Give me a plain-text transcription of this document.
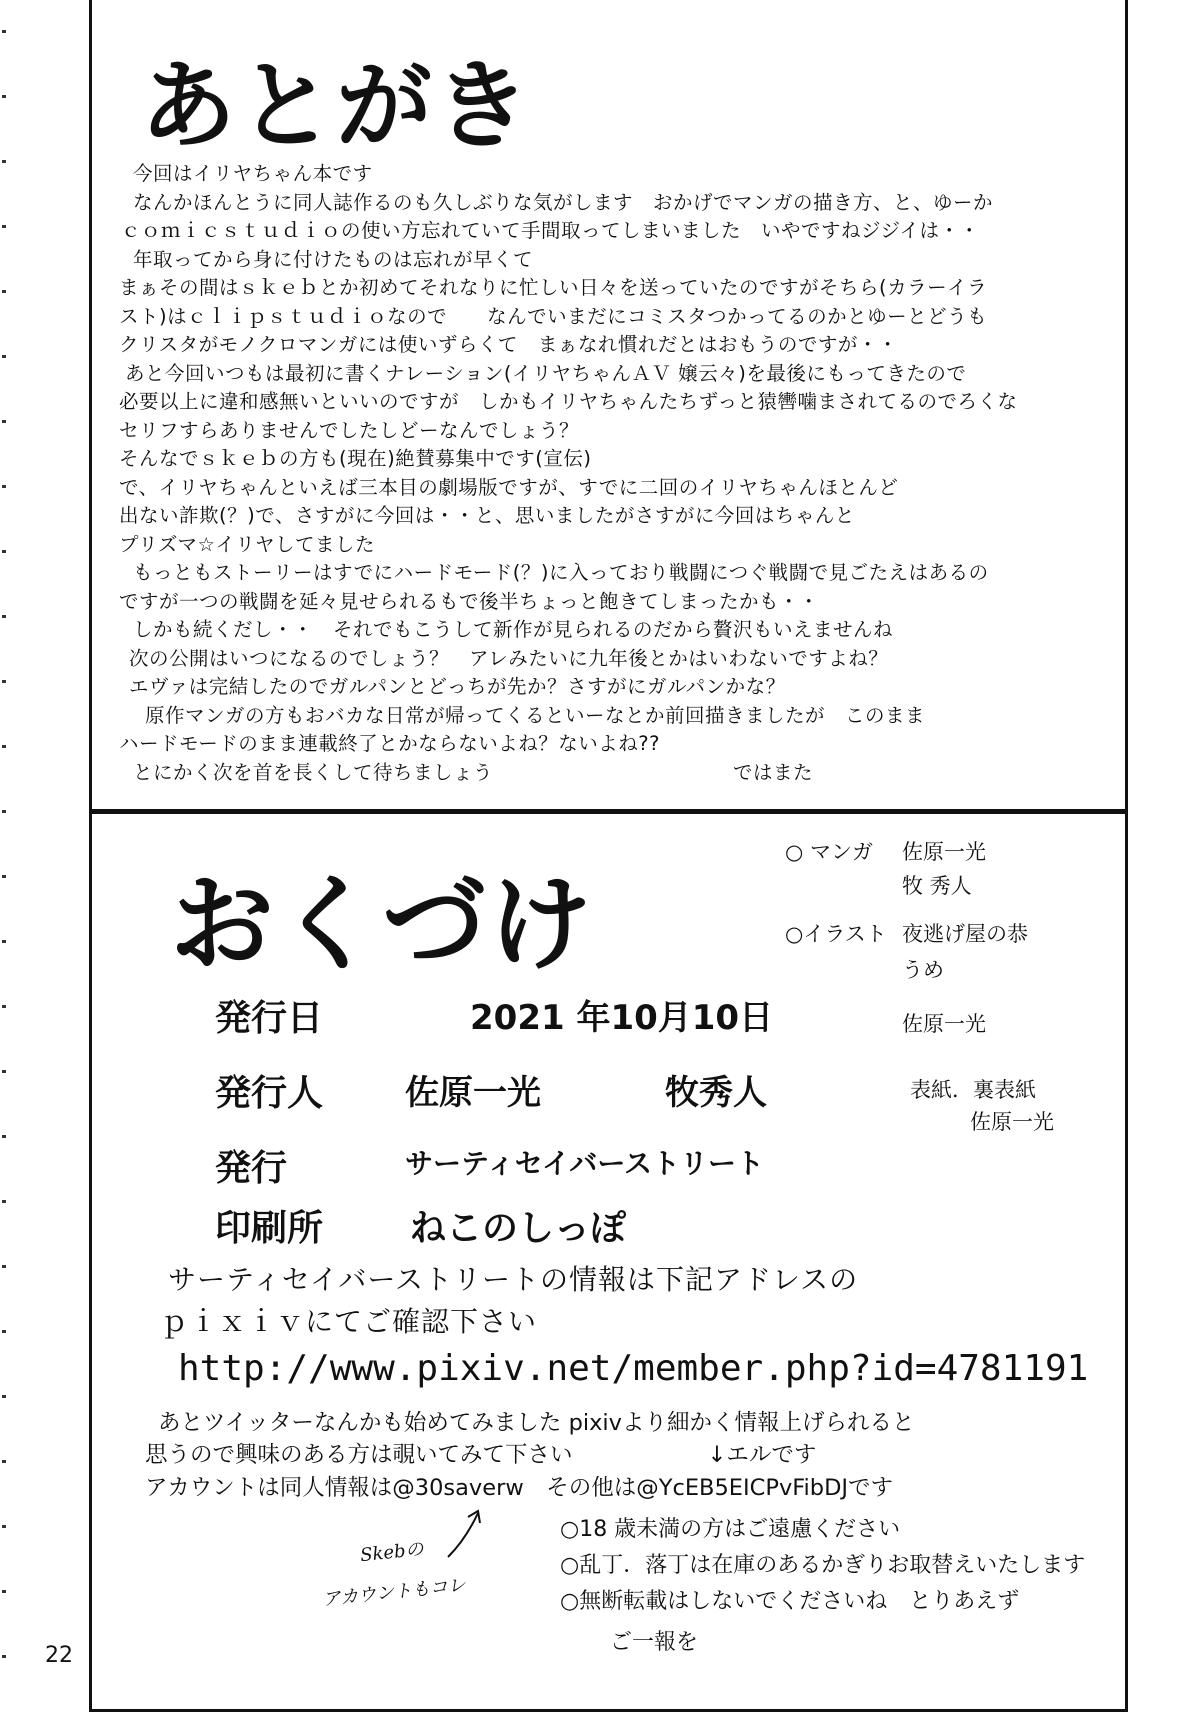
あとがき
今回はイリヤちゃん本です
なんかほんとうに同人誌作るのも久しぶりな気がします　おかげでマンガの描き方、と、ゆーか
ｃｏｍｉｃｓｔｕｄｉｏの使い方忘れていて手間取ってしまいました　いやですねジジイは・・
年取ってから身に付けたものは忘れが早くて
まぁその間はｓｋｅｂとか初めてそれなりに忙しい日々を送っていたのですがそちら(カラーイラ
スト)はｃｌｉｐｓｔｕｄｉｏなので　　なんでいまだにコミスタつかってるのかとゆーとどうも
クリスタがモノクロマンガには使いずらくて　まぁなれ慣れだとはおもうのですが・・
あと今回いつもは最初に書くナレーション(イリヤちゃんＡＶ 嬢云々)を最後にもってきたので
必要以上に違和感無いといいのですが　しかもイリヤちゃんたちずっと猿轡噛まされてるのでろくな
セリフすらありませんでしたしどーなんでしょう？
そんなでｓｋｅｂの方も(現在)絶賛募集中です(宣伝)
で、イリヤちゃんといえば三本目の劇場版ですが、すでに二回のイリヤちゃんほとんど
出ない詐欺(？)で、さすがに今回は・・と、思いましたがさすがに今回はちゃんと
プリズマ☆イリヤしてました
もっともストーリーはすでにハードモード(？)に入っており戦闘につぐ戦闘で見ごたえはあるの
ですが一つの戦闘を延々見せられるもで後半ちょっと飽きてしまったかも・・
しかも続くだし・・　それでもこうして新作が見られるのだから贅沢もいえませんね
次の公開はいつになるのでしょう？　アレみたいに九年後とかはいわないですよね？
エヴァは完結したのでガルパンとどっちが先か？さすがにガルパンかな？
原作マンガの方もおバカな日常が帰ってくるといーなとか前回描きましたが　このまま
ハードモードのまま連載終了とかならないよね？ないよね??
とにかく次を首を長くして待ちましょう　　　　　　　　　　　　ではまた
おくづけ
○ マンガ 佐原一光
牧 秀人
○イラスト 夜逃げ屋の恭
うめ
佐原一光
表紙．裏表紙
佐原一光
発行日	2021 年10月10日
発行人 佐原一光	牧秀人
発行	サーティセイバーストリート
印刷所 ねこのしっぽ
サーティセイバーストリートの情報は下記アドレスの
ｐｉｘｉｖにてご確認下さい
http://www.pixiv.net/member.php?id=4781191
あとツイッターなんかも始めてみました pixivより細かく情報上げられると
思うので興味のある方は覗いてみて下さい　　　　　　↓エルです
アカウントは同人情報は@30saverw　その他は@YcEB5EICPvFibDJです
○18 歳未満の方はご遠慮ください
○乱丁．落丁は在庫のあるかぎりお取替えいたします
○無断転載はしないでくださいね　とりあえず
ご一報を
Skebの
アカウントもコレ
22
